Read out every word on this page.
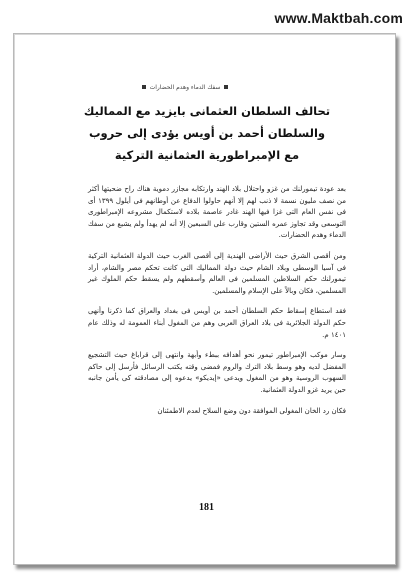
www.Maktbah.com
سفك الدماء وهدم الحضارات
تحالف السلطان العثمانى بايزيد مع المماليك
والسلطان أحمد بن أويس يؤدى إلى حروب
مع الإمبراطورية العثمانية التركية

بعد عودة تيمورلنك من غزو واحتلال بلاد الهند وارتكابه مجازر دموية هناك راح ضحيتها أكثر من نصف مليون نسمة لا ذنب لهم إلا أنهم حاولوا الدفاع عن أوطانهم فى أيلول ١٣٩٩ أى فى نفس العام التى غزا فيها الهند غادر عاصمة بلاده لاستكمال مشروعه الإمبراطورى التوسعى وقد تجاوز عمره الستين وقارب على السبعين إلا أنه لم يهدأ ولم يشبع من سفك الدماء وهدم الحضارات.

ومن أقصى الشرق حيث الأراضى الهندية إلى أقصى الغرب حيث الدولة العثمانية التركية فى آسيا الوسطى وبلاد الشام حيث دولة المماليك التى كانت تحكم مصر والشام، أراد تيمورلنك حكم السلاطين المسلمين فى العالم وأسقطهم ولم يسقط حكم الملوك غير المسلمين، فكان وبالاً على الإسلام والمسلمين.

فقد استطاع إسقاط حكم السلطان أحمد بن أويس فى بغداد والعراق كما ذكرنا وأنهى حكم الدولة الجلائرية فى بلاد العراق العربى وهم من المغول أبناء العمومة له وذلك عام ١٤٠١ م.

وسار موكب الإمبراطور تيمور نحو أهدافه ببطء وأبهة وانتهى إلى قراباغ حيث التشجيع المفضل لديه وهو وسط بلاد الترك والروم فمضى وقته يكتب الرسائل فأرسل إلى حاكم السهوب الروسية وهو من المغول ويدعى «إيديكو» يدعوه إلى مصادقته كى يأمن جانبه حين يريد غزو الدولة العثمانية.

فكان رد الخان المغولى الموافقة دون وضع السلاح لعدم الاطمئنان

181
